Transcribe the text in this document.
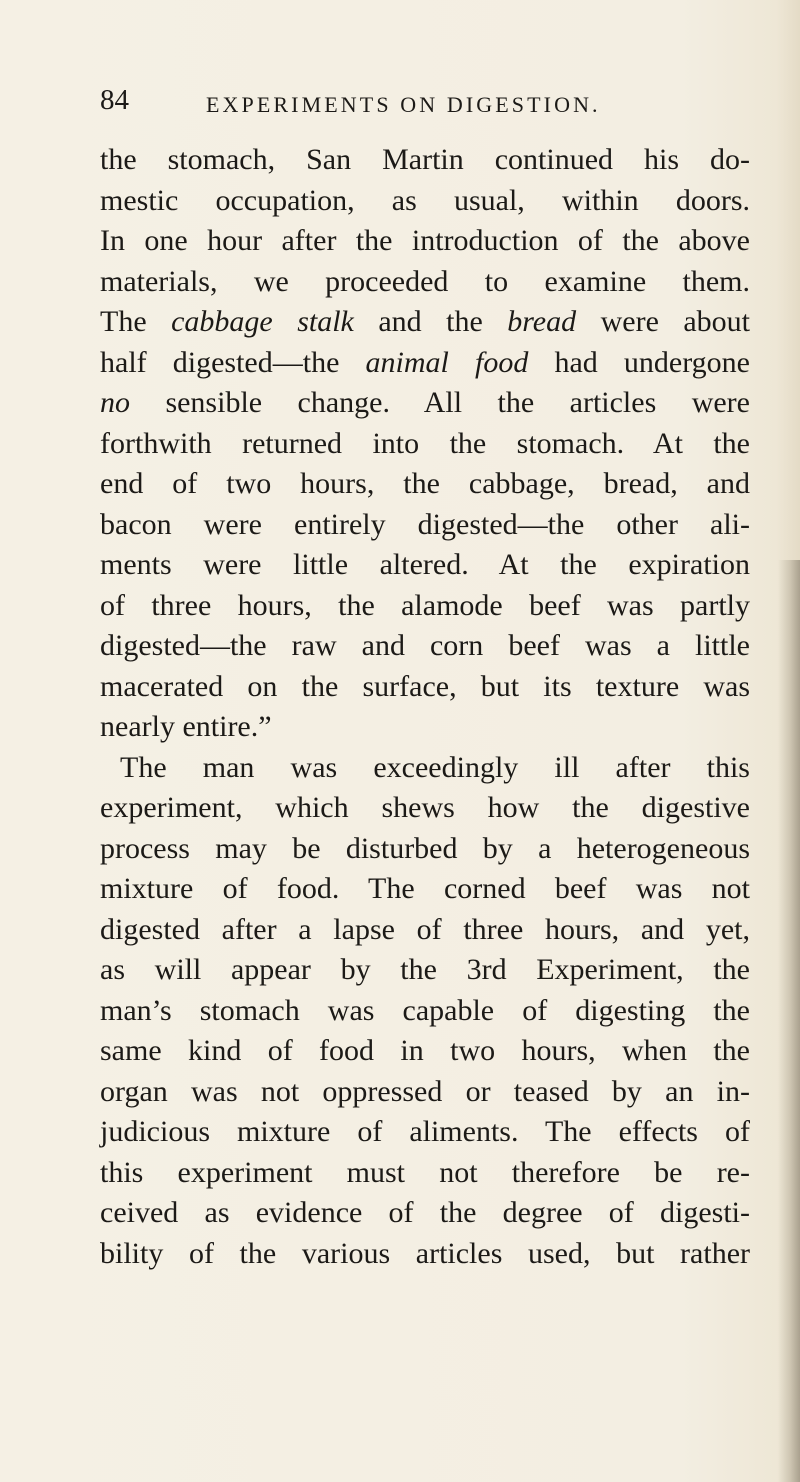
84	EXPERIMENTS ON DIGESTION.
the stomach, San Martin continued his do-
mestic occupation, as usual, within doors.
In one hour after the introduction of the above
materials, we proceeded to examine them.
The cabbage stalk and the bread were about
half digested—the animal food had undergone
no sensible change. All the articles were
forthwith returned into the stomach. At the
end of two hours, the cabbage, bread, and
bacon were entirely digested—the other ali-
ments were little altered. At the expiration
of three hours, the alamode beef was partly
digested—the raw and corn beef was a little
macerated on the surface, but its texture was
nearly entire.”
The man was exceedingly ill after this
experiment, which shews how the digestive
process may be disturbed by a heterogeneous
mixture of food. The corned beef was not
digested after a lapse of three hours, and yet,
as will appear by the 3rd Experiment, the
man’s stomach was capable of digesting the
same kind of food in two hours, when the
organ was not oppressed or teased by an in-
judicious mixture of aliments. The effects of
this experiment must not therefore be re-
ceived as evidence of the degree of digesti-
bility of the various articles used, but rather
